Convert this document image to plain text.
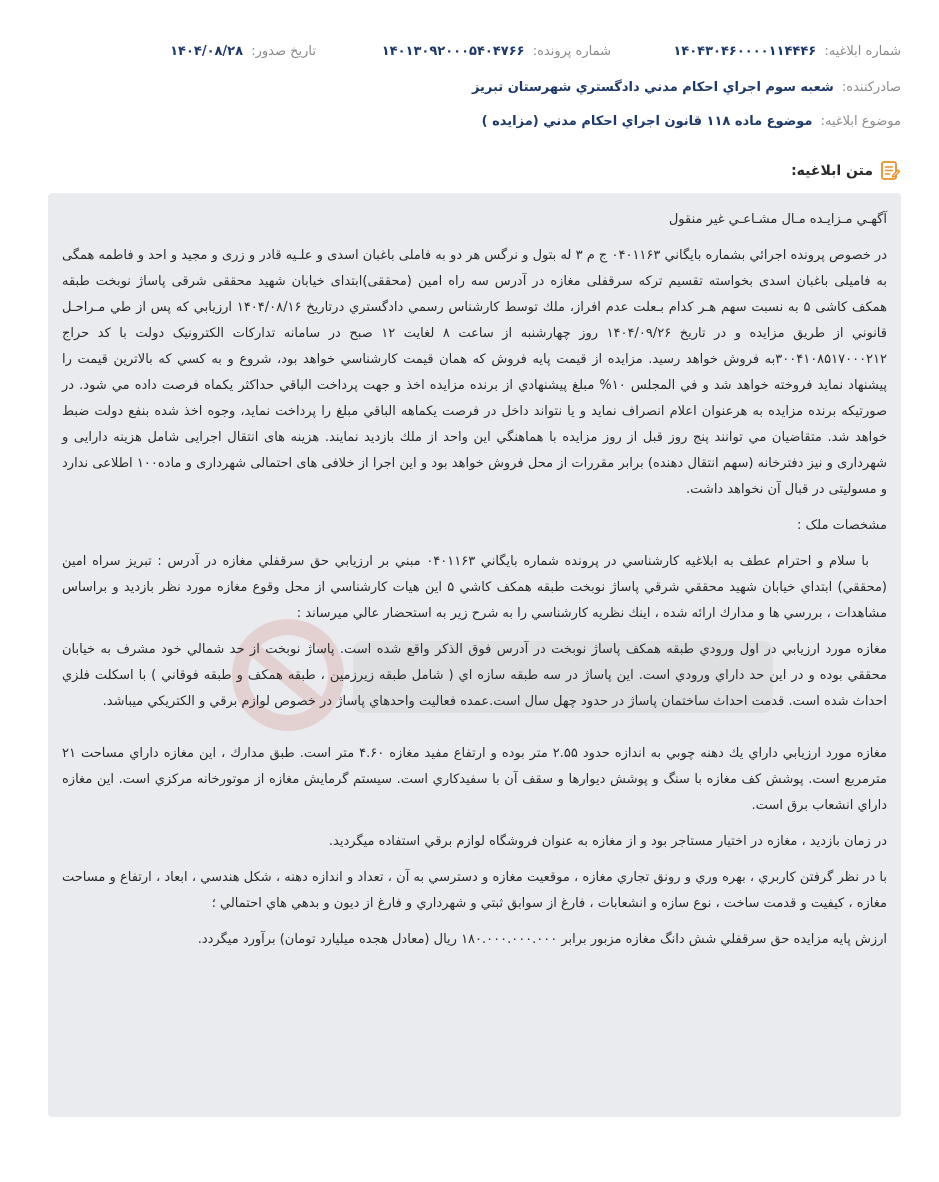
شماره ابلاغیه: ۱۴۰۴۳۰۴۶۰۰۰۰۱۱۴۴۴۶
شماره پرونده: ۱۴۰۱۳۰۹۲۰۰۰۵۴۰۴۷۶۶
تاریخ صدور: ۱۴۰۴/۰۸/۲۸
صادرکننده: شعبه سوم اجراي احکام مدني دادگستري شهرستان تبريز
موضوع ابلاغیه: موضوع ماده ۱۱۸ قانون اجراي احکام مدني (مزايده )
متن ابلاغیه:

آگهـي مـزايـده مـال مشـاعـي غير منقول

در خصوص پرونده اجرائي بشماره بايگاني ۰۴۰۱۱۶۳ ج م ۳ له بتول و نرگس هر دو به فاملی باغبان اسدی و علـیه قادر و زری و مجید و احد و فاطمه همگی به فامیلی باغبان اسدی بخواسته تقسیم ترکه سرقفلی مغازه در آدرس سه راه امین (محققی)ابتدای خیابان شهید محققی شرقی پاساژ نوبخت طبقه همکف کاشی ۵ به نسبت سهم هـر كدام بـعلت عدم افراز، ملك توسط كارشناس رسمي دادگستري درتاريخ ۱۴۰۴/۰۸/۱۶ ارزيابي كه پس از طي مـراحـل قانوني از طريق مزايده و در تاريخ ۱۴۰۴/۰۹/۲۶ روز چهارشنبه از ساعت ۸ لغایت ۱۲ صبح در سامانه تدارکات الکترونیک دولت با کد حراج ۳۰۰۴۱۰۸۵۱۷۰۰۰۲۱۲به فروش خواهد رسيد. مزايده از قيمت پايه فروش كه همان قيمت كارشناسي خواهد بود، شروع و به كسي كه بالاترين قيمت را پيشنهاد نمايد فروخته خواهد شد و في المجلس ۱۰% مبلغ پيشنهادي از برنده مزايده اخذ و جهت پرداخت الباقي حداكثر يكماه فرصت داده مي شود. در صورتيكه برنده مزايده به هرعنوان اعلام انصراف نمايد و يا نتواند داخل در فرصت يكماهه الباقي مبلغ را پرداخت نمايد، وجوه اخذ شده بنفع دولت ضبط خواهد شد. متقاضيان مي توانند پنج روز قبل از روز مزايده با هماهنگي اين واحد از ملك بازديد نمايند. هزينه های انتقال اجرایی شامل هزینه دارایی و شهرداری و نیز دفترخانه (سهم انتقال دهنده) برابر مقررات از محل فروش خواهد بود و این اجرا از خلافی های احتمالی شهرداری و ماده۱۰۰ اطلاعی ندارد و مسولیتی در قبال آن نخواهد داشت.

مشخصات ملک :

با سلام و احترام عطف به ابلاغيه كارشناسي در پرونده شماره بايگاني ۰۴۰۱۱۶۳ مبني بر ارزيابي حق سرقفلي مغازه در آدرس : تبريز سراه امين (محققي) ابتداي خيابان شهيد محققي شرقي پاساژ نوبخت طبقه همكف كاشي ۵ اين هيات كارشناسي از محل وقوع مغازه مورد نظر بازديد و براساس مشاهدات ، بررسي ها و مدارك ارائه شده ، اينك نظريه كارشناسي را به شرح زير به استحضار عالي ميرساند :

مغازه مورد ارزيابي در اول ورودي طبقه همكف پاساژ نوبخت در آدرس فوق الذكر واقع شده است. پاساژ نوبخت از حد شمالي خود مشرف به خيابان محققي بوده و در اين حد داراي ورودي است. اين پاساژ در سه طبقه سازه اي ( شامل طبقه زيرزمين ، طبقه همكف و طبقه فوقاني ) با اسكلت فلزي احداث شده است. قدمت احداث ساختمان پاساژ در حدود چهل سال است.عمده فعاليت واحدهاي پاساژ در خصوص لوازم برقي و الكتريكي ميباشد.

مغازه مورد ارزيابي داراي يك دهنه چوبي به اندازه حدود ۲.۵۵ متر بوده و ارتفاع مفيد مغازه ۴.۶۰ متر است. طبق مدارك ، اين مغازه داراي مساحت ۲۱ مترمربع است. پوشش كف مغازه با سنگ و پوشش ديوارها و سقف آن با سفيدكاري است. سيستم گرمايش مغازه از موتورخانه مركزي است. اين مغازه داراي انشعاب برق است.

در زمان بازديد ، مغازه در اختيار مستاجر بود و از مغازه به عنوان فروشگاه لوازم برقي استفاده ميگرديد.

با در نظر گرفتن كاربري ، بهره وري و رونق تجاري مغازه ، موقعيت مغازه و دسترسي به آن ، تعداد و اندازه دهنه ، شكل هندسي ، ابعاد ، ارتفاع و مساحت مغازه ، كيفيت و قدمت ساخت ، نوع سازه و انشعابات ، فارغ از سوابق ثبتي و شهرداري و فارغ از ديون و بدهي هاي احتمالي ؛

ارزش پايه مزايده حق سرقفلي شش دانگ مغازه مزبور برابر ۱۸۰.۰۰۰.۰۰۰.۰۰۰ ريال (معادل هجده ميليارد تومان) برآورد ميگردد.
